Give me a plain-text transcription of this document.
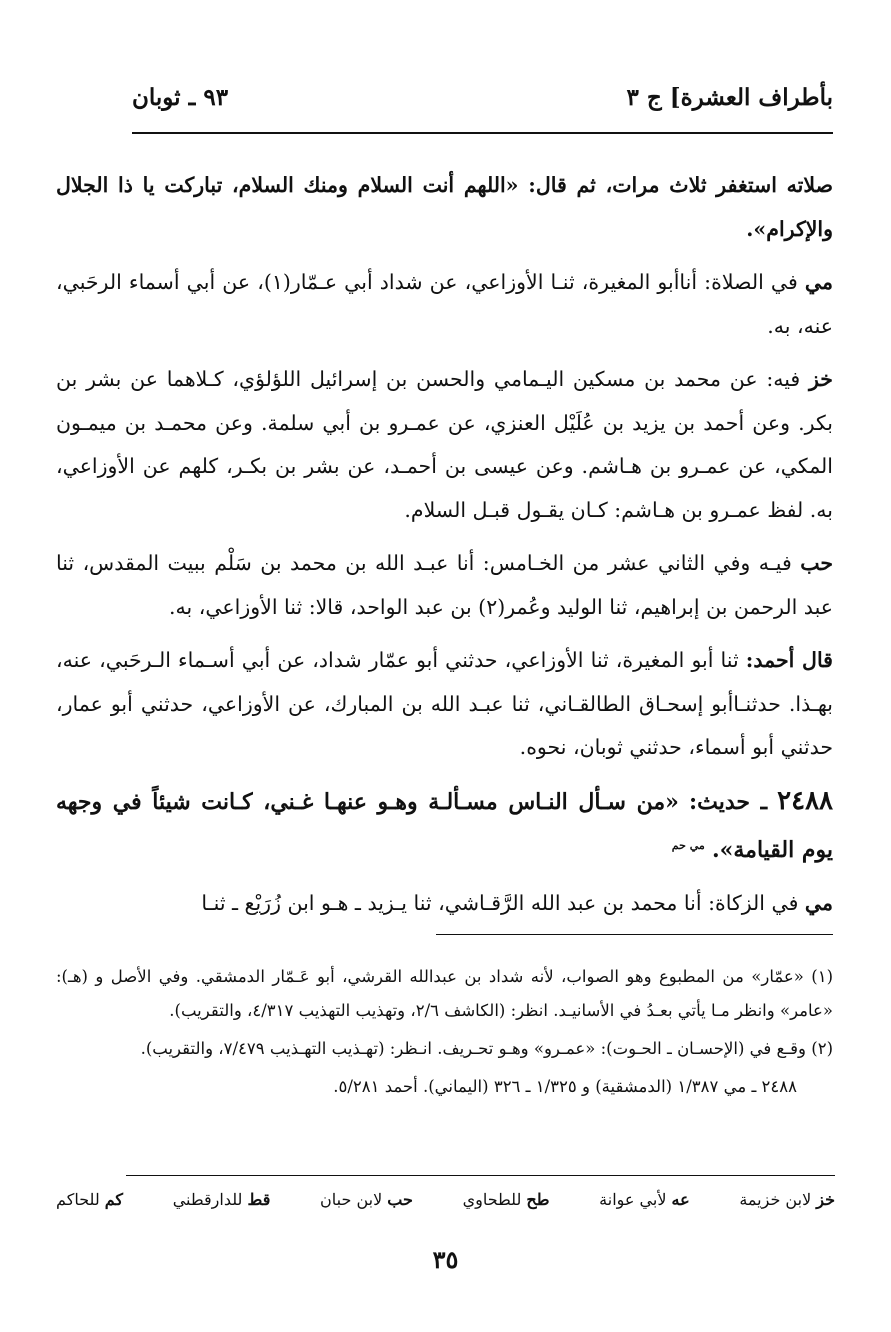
بأطراف العشرة] ج ٣
٩٣ ـ ثوبان

صلاته استغفر ثلاث مرات، ثم قال: «اللهم أنت السلام ومنك السلام، تباركت يا ذا الجلال والإكرام».

مي في الصلاة: أناأبو المغيرة، ثنـا الأوزاعي، عن شداد أبي عـمّار(١)، عن أبي أسماء الرحَبي، عنه، به.

خز فيه: عن محمد بن مسكين اليـمامي والحسن بن إسرائيل اللؤلؤي، كـلاهما عن بشر بن بكر. وعن أحمد بن يزيد بن عُلَيْل العنزي، عن عمـرو بن أبي سلمة. وعن محمـد بن ميمـون المكي، عن عمـرو بن هـاشم. وعن عيسى بن أحمـد، عن بشر بن بكـر، كلهم عن الأوزاعي، به. لفظ عمـرو بن هـاشم: كـان يقـول قبـل السلام.

حب فيـه وفي الثاني عشر من الخـامس: أنا عبـد الله بن محمد بن سَلْم ببيت المقدس، ثنا عبد الرحمن بن إبراهيم، ثنا الوليد وعُمر(٢) بن عبد الواحد، قالا: ثنا الأوزاعي، به.

قال أحمد: ثنا أبو المغيرة، ثنا الأوزاعي، حدثني أبو عمّار شداد، عن أبي أسـماء الـرحَبي، عنه، بهـذا. حدثنـاأبو إسحـاق الطالقـاني، ثنا عبـد الله بن المبارك، عن الأوزاعي، حدثني أبو عمار، حدثني أبو أسماء، حدثني ثوبان، نحوه.

٢٤٨٨ ـ حديث: «من سـأل النـاس مسـألـة وهـو عنهـا غـني، كـانت شيئاً في وجهه يوم القيامة». $^{مي حم}$

مي في الزكاة: أنا محمد بن عبد الله الرَّقـاشي، ثنا يـزيد ـ هـو ابن زُرَيْع ـ ثنـا

(١) «عمّار» من المطبوع وهو الصواب، لأنه شداد بن عبدالله القرشي، أبو عَـمّار الدمشقي. وفي الأصل و (هـ): «عامر» وانظر مـا يأتي بعـدُ في الأسانيـد. انظر: (الكاشف ٢/٦، وتهذيب التهذيب ٤/٣١٧، والتقريب).

(٢) وقـع في (الإحسـان ـ الحـوت): «عمـرو» وهـو تحـريف. انـظر: (تهـذيب التهـذيب ٧/٤٧٩، والتقريب).

٢٤٨٨ ـ مي ١/٣٨٧ (الدمشقية) و ١/٣٢٥ ـ ٣٢٦ (اليماني). أحمد ٥/٢٨١.

خز لابن خزيمة
عه لأبي عوانة
طح للطحاوي
حب لابن حبان
قط للدارقطني
كم للحاكم
٣٥
